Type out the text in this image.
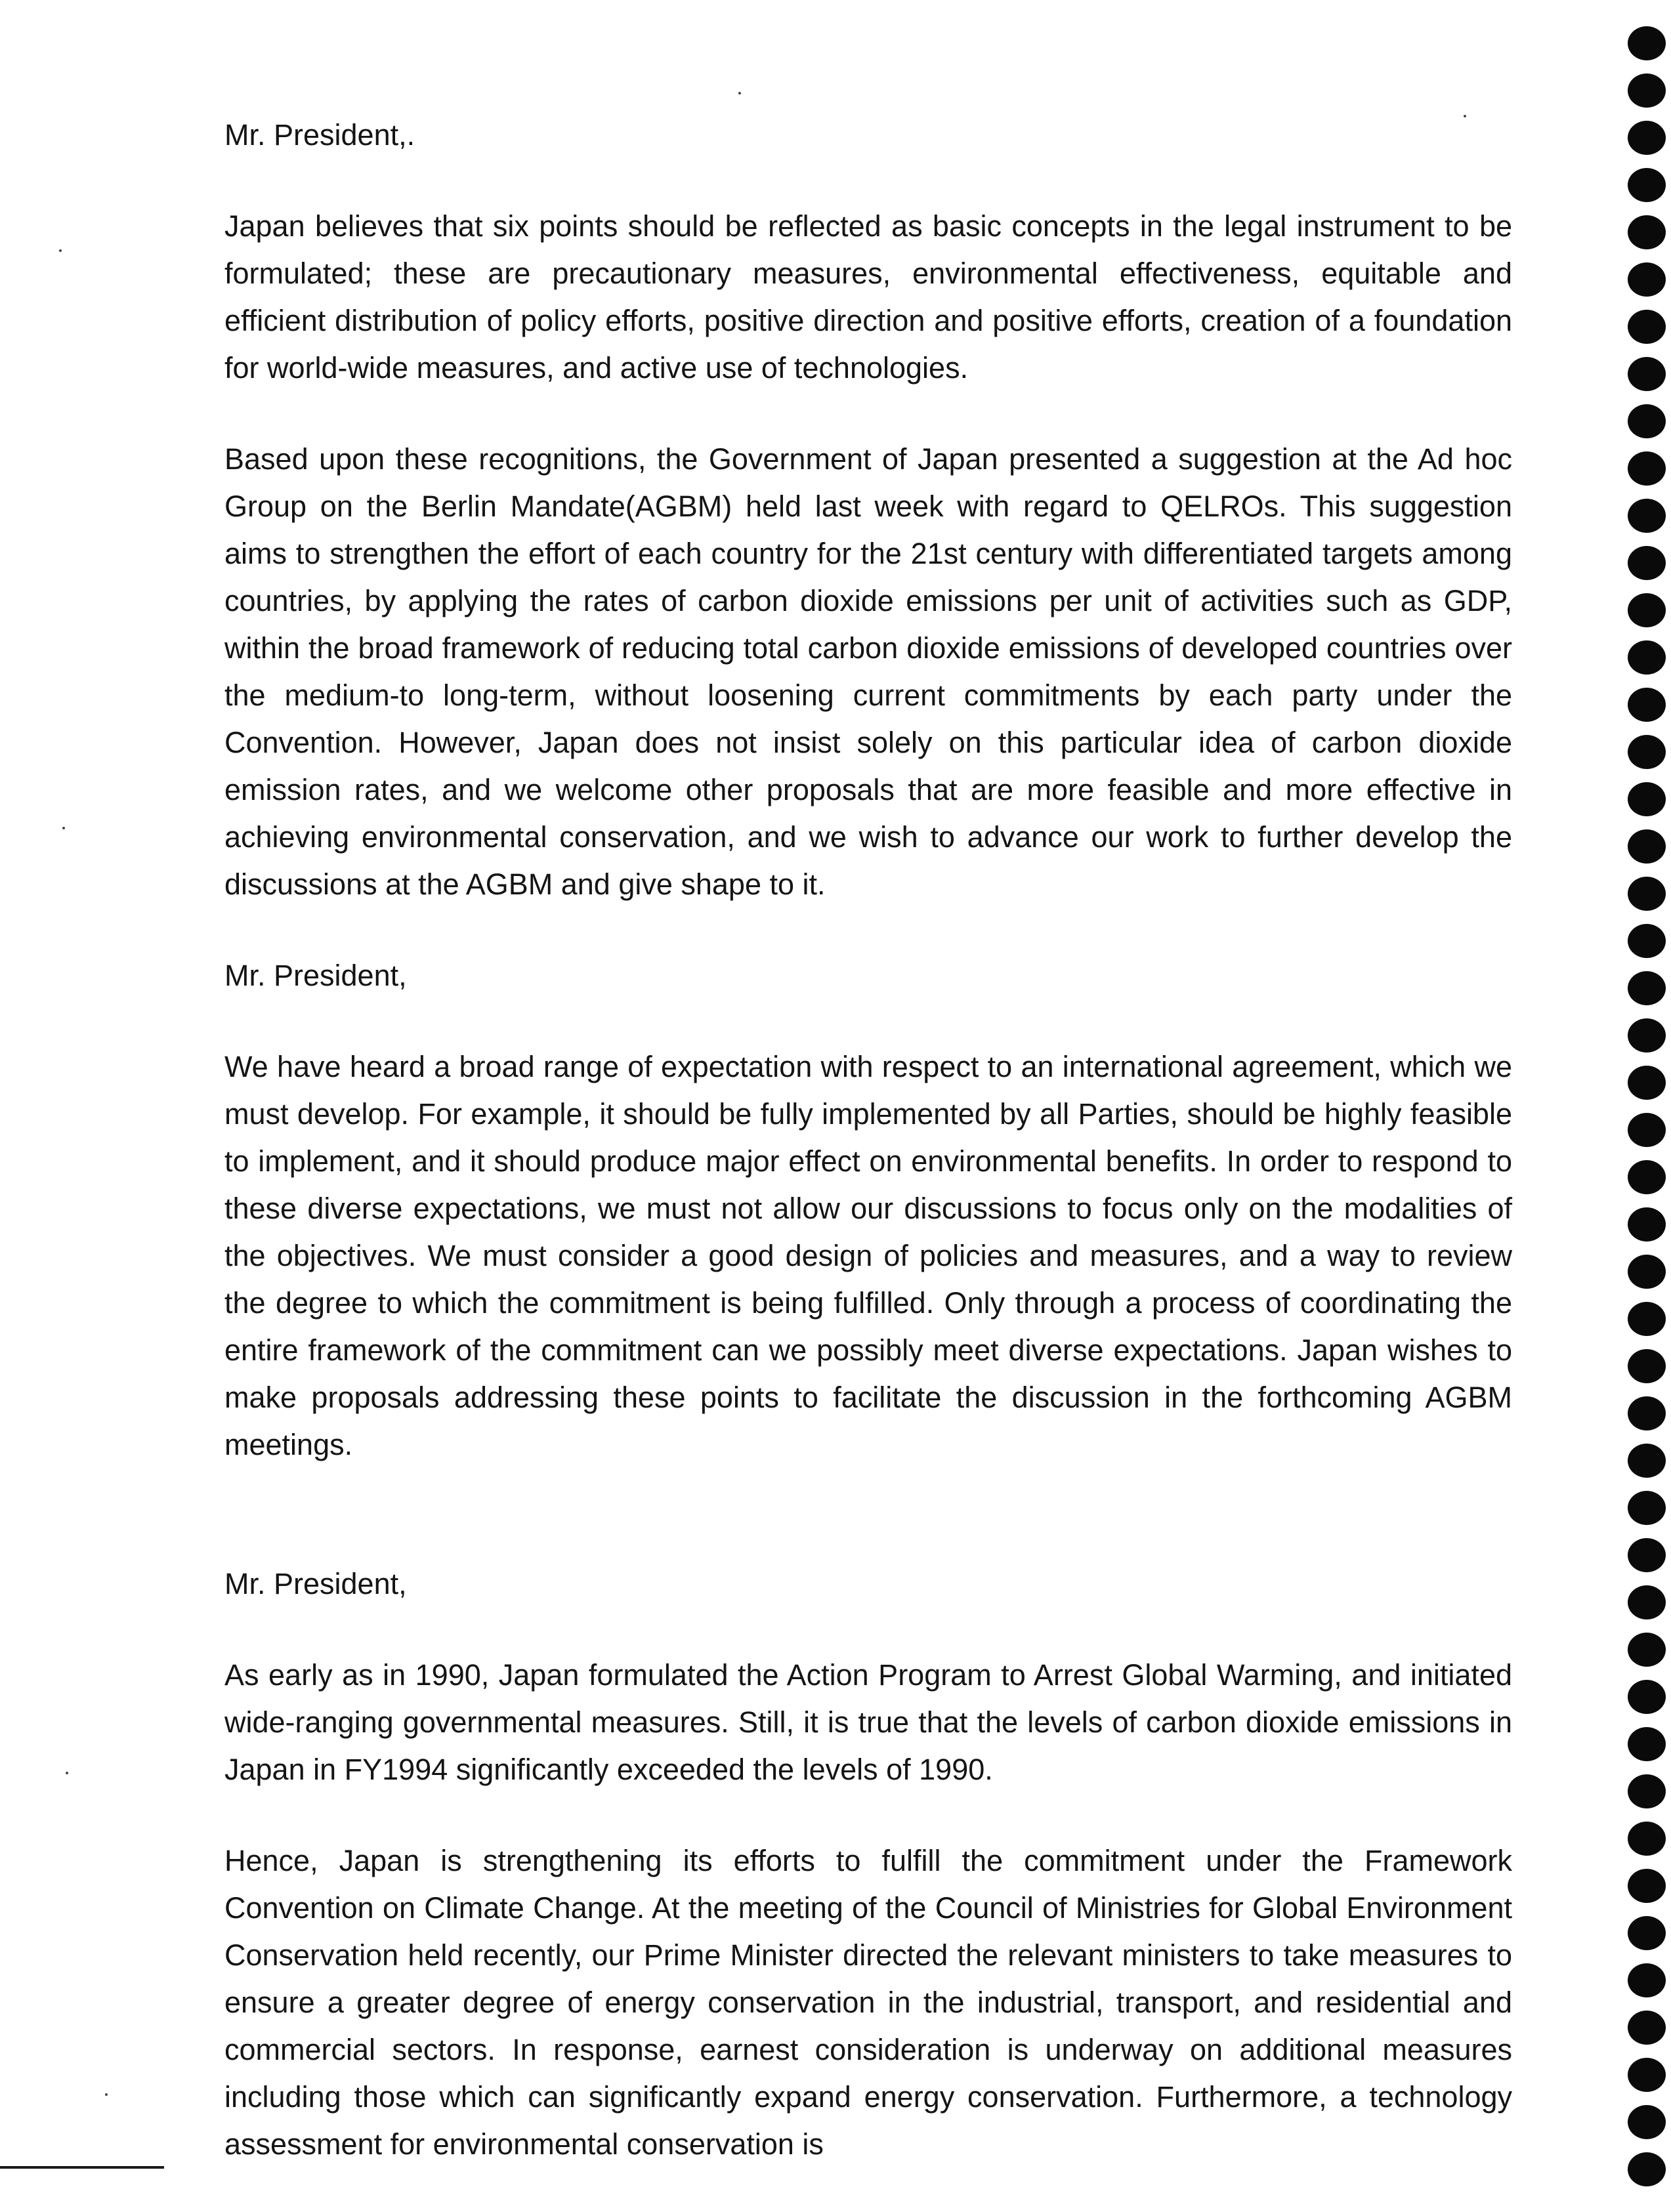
Mr. President,.

Japan believes that six points should be reflected as basic concepts in the legal instrument to be formulated; these are precautionary measures, environmental effectiveness, equitable and efficient distribution of policy efforts, positive direction and positive efforts, creation of a foundation for world-wide measures, and active use of technologies.

Based upon these recognitions, the Government of Japan presented a suggestion at the Ad hoc Group on the Berlin Mandate(AGBM) held last week with regard to QELROs. This suggestion aims to strengthen the effort of each country for the 21st century with differentiated targets among countries, by applying the rates of carbon dioxide emissions per unit of activities such as GDP, within the broad framework of reducing total carbon dioxide emissions of developed countries over the medium-to long-term, without loosening current commitments by each party under the Convention. However, Japan does not insist solely on this particular idea of carbon dioxide emission rates, and we welcome other proposals that are more feasible and more effective in achieving environmental conservation, and we wish to advance our work to further develop the discussions at the AGBM and give shape to it.

Mr. President,

We have heard a broad range of expectation with respect to an international agreement, which we must develop. For example, it should be fully implemented by all Parties, should be highly feasible to implement, and it should produce major effect on environmental benefits. In order to respond to these diverse expectations, we must not allow our discussions to focus only on the modalities of the objectives. We must consider a good design of policies and measures, and a way to review the degree to which the commitment is being fulfilled. Only through a process of coordinating the entire framework of the commitment can we possibly meet diverse expectations. Japan wishes to make proposals addressing these points to facilitate the discussion in the forthcoming AGBM meetings.

Mr. President,

As early as in 1990, Japan formulated the Action Program to Arrest Global Warming, and initiated wide-ranging governmental measures. Still, it is true that the levels of carbon dioxide emissions in Japan in FY1994 significantly exceeded the levels of 1990.

Hence, Japan is strengthening its efforts to fulfill the commitment under the Framework Convention on Climate Change. At the meeting of the Council of Ministries for Global Environment Conservation held recently, our Prime Minister directed the relevant ministers to take measures to ensure a greater degree of energy conservation in the industrial, transport, and residential and commercial sectors. In response, earnest consideration is underway on additional measures including those which can significantly expand energy conservation. Furthermore, a technology assessment for environmental conservation is
